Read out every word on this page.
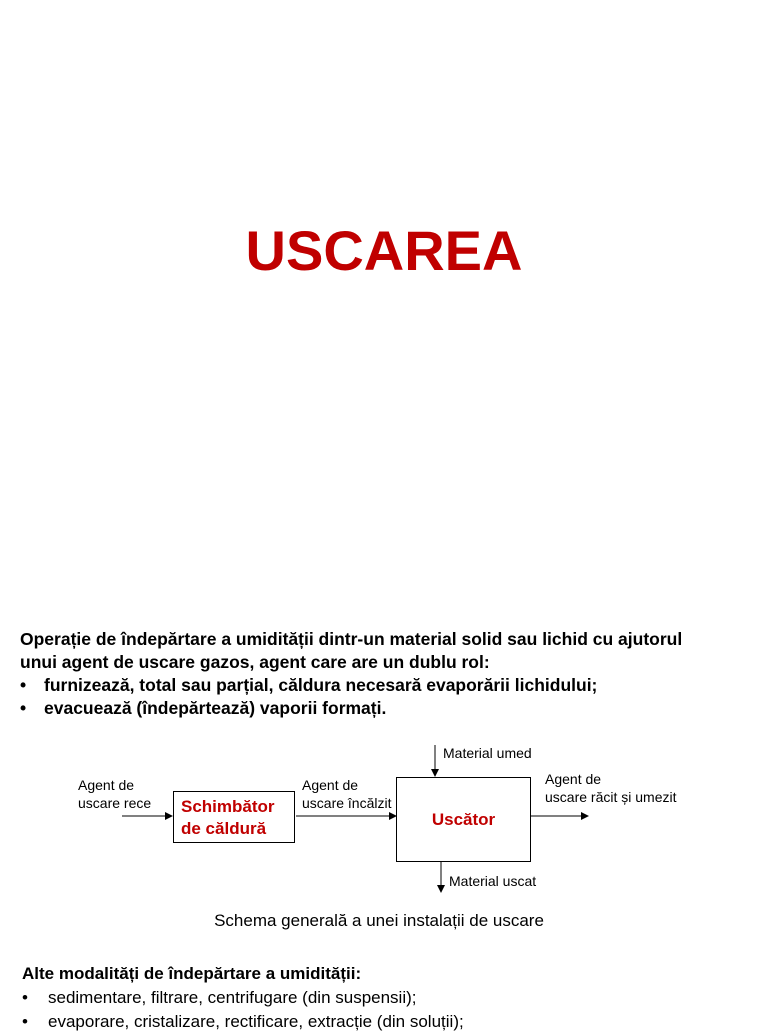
USCAREA

Operație de îndepărtare a umidității dintr-un material solid sau lichid cu ajutorul

unui agent de uscare gazos, agent care are un dublu rol:

• furnizează, total sau parțial, căldura necesară evaporării lichidului;
• evacuează (îndepărtează) vaporii formați.
Agent de
uscare rece Schimbător
de căldură
Agent de
uscare încălzit
Uscător
Material umed
Agent de
uscare răcit și umezit
Material uscat
Schema generală a unei instalații de uscare
Alte modalități de îndepărtare a umidității:
• sedimentare, filtrare, centrifugare (din suspensii);
• evaporare, cristalizare, rectificare, extracție (din soluții);
